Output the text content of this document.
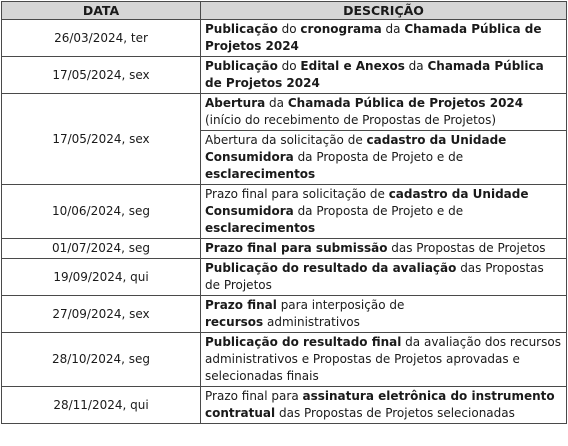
DATA	DESCRIÇÃO
26/03/2024, ter	Publicação do cronograma da Chamada Pública de Projetos 2024
17/05/2024, sex	Publicação do Edital e Anexos da Chamada Pública de Projetos 2024
17/05/2024, sex	Abertura da Chamada Pública de Projetos 2024 (início do recebimento de Propostas de Projetos)
	Abertura da solicitação de cadastro da Unidade Consumidora da Proposta de Projeto e de esclarecimentos
10/06/2024, seg	Prazo final para solicitação de cadastro da Unidade Consumidora da Proposta de Projeto e de esclarecimentos
01/07/2024, seg	Prazo final para submissão das Propostas de Projetos
19/09/2024, qui	Publicação do resultado da avaliação das Propostas de Projetos
27/09/2024, sex	Prazo final para interposição de
recursos administrativos
28/10/2024, seg	Publicação do resultado final da avaliação dos recursos administrativos e Propostas de Projetos aprovadas e selecionadas finais
28/11/2024, qui	Prazo final para assinatura eletrônica do instrumento contratual das Propostas de Projetos selecionadas
